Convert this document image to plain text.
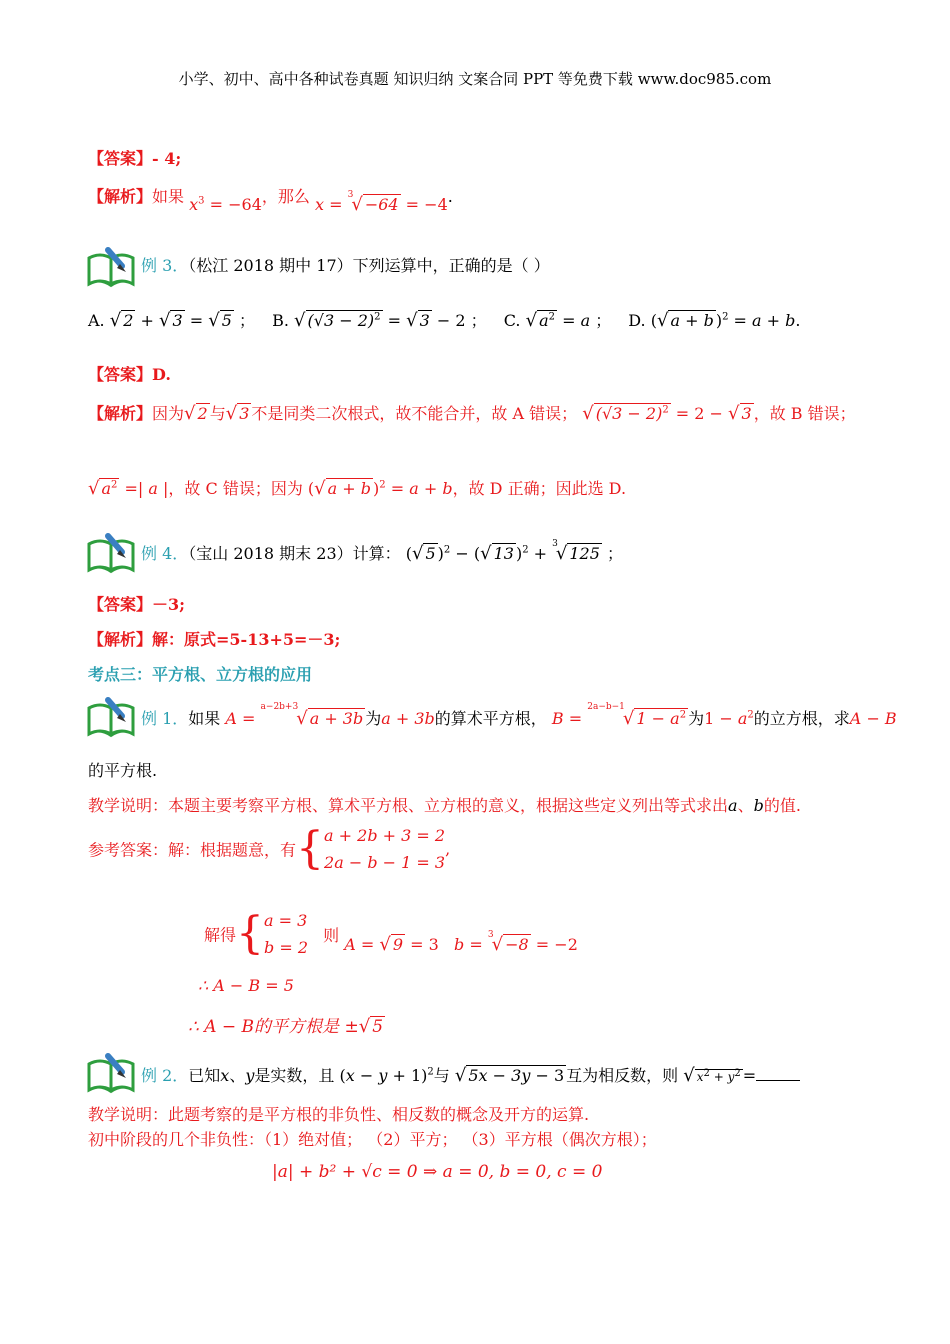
小学、初中、高中各种试卷真题 知识归纳 文案合同 PPT 等免费下载 www.doc985.com
【答案】- 4;
【解析】如果 $x^3 = -64$，那么 x = $^3$√ −64 = −4.
例 3．（松江 2018 期中 17）下列运算中，正确的是（ ）
A. √ 2 + √ 3 = √ 5 ； B. √ $(√3 - 2)^2$ = √ 3 − 2 ； C. √ $a^2 = a$ ； D. (√ a + b )$^2$ = a + b.
【答案】D.
【解析】因为√ 2 与√ 3 不是同类二次根式，故不能合并，故 A 错误； √ $(√3 - 2)^2 = 2$ − √ 3 ，故 B 错误；
√ $a^2$ =| a |，故 C 错误；因为 (√ a + b )$^2$ = a + b，故 D 正确；因此选 D.
例 4．（宝山 2018 期末 23）计算： (√ 5 )$^2$ − (√ 13 )$^2$ + $^3$√ 125 ；
【答案】－3;
【解析】解：原式=5-13+5=－3;
考点三：平方根、立方根的应用
例 1．如果 A = $^{a-2b+3}$√ a + 3b 为a + 3b的算术平方根， B = $^{2a-b-1}$√ $1 - a^2$ 为$1 - a^2$的立方根，求A − B
的平方根.
教学说明：本题主要考察平方根、算术平方根、立方根的意义，根据这些定义列出等式求出a、b的值.
参考答案：解：根据题意，有{ a + 2b + 3 = 2
2a − b − 1 = 3
,
解得{ a = 3
b = 2
则 A = √ 9 = 3   b = $^3$√ −8 = −2
∴ A − B = 5
∴ A − B的平方根是 ±√ 5
例 2．已知x、y是实数，且 $(x - y + 1)^2$与 √ 5x − 3y − 3 互为相反数，则 √ $x^2 + y^2$ =
教学说明：此题考察的是平方根的非负性、相反数的概念及开方的运算.
初中阶段的几个非负性：（1）绝对值； （2）平方； （3）平方根（偶次方根）；
|a| + b² + √c = 0 ⇒ a = 0, b = 0, c = 0
